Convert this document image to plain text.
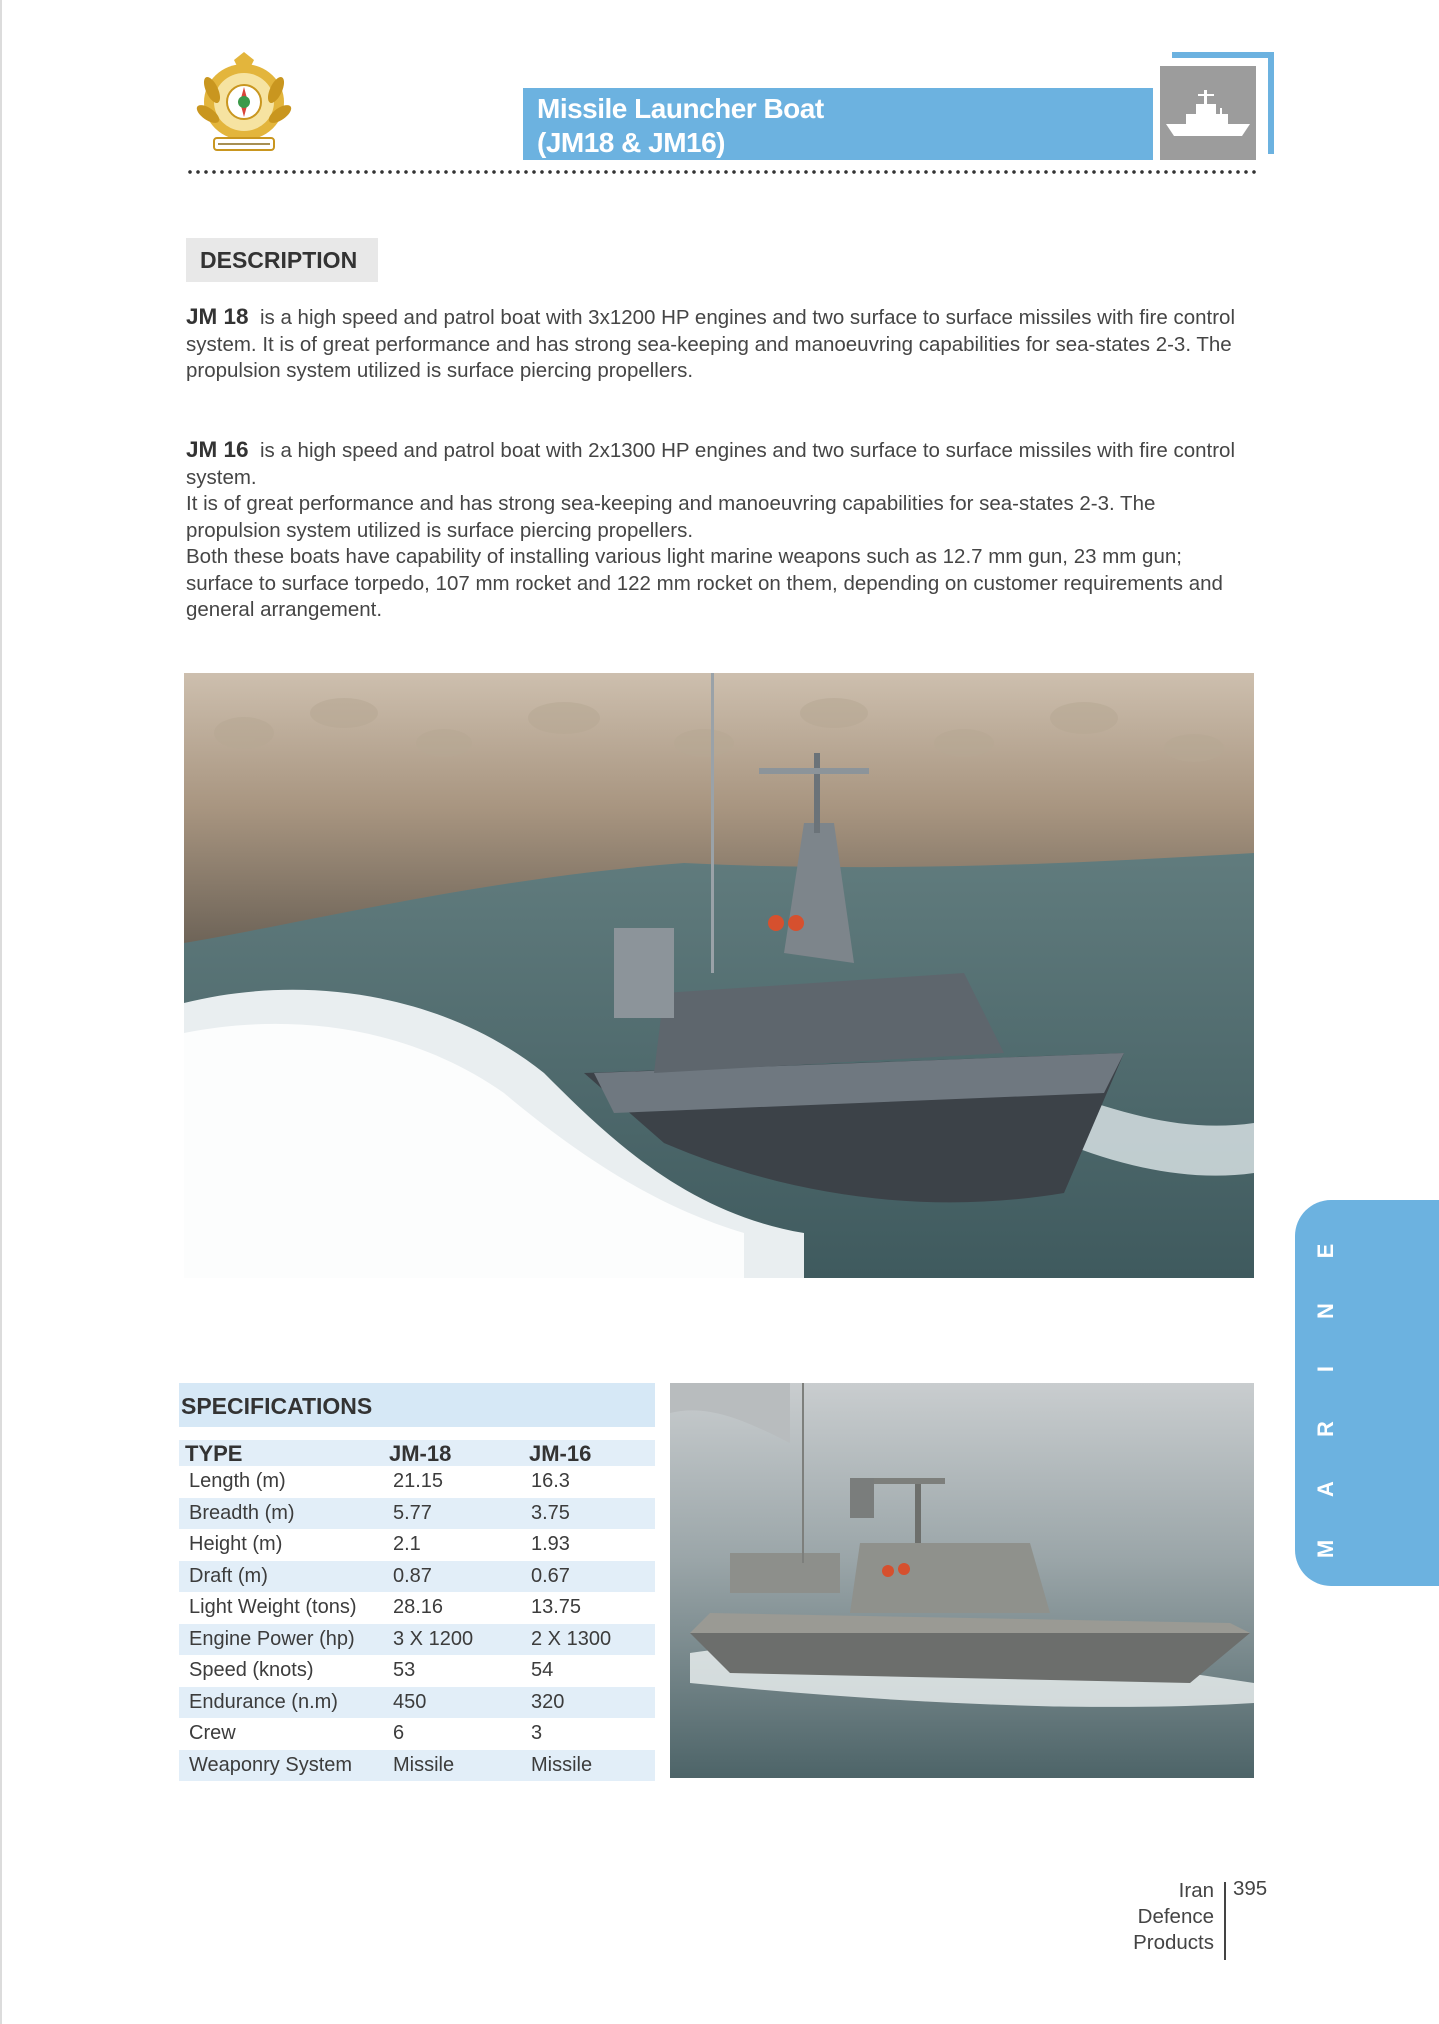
Missile Launcher Boat
(JM18 & JM16)
DESCRIPTION
JM 18 is a high speed and patrol boat with 3x1200 HP engines and two surface to surface missiles with fire control system. It is of great performance and has strong sea-keeping and manoeuvring capabilities for sea-states 2-3. The propulsion system utilized is surface piercing propellers.
JM 16 is a high speed and patrol boat with 2x1300 HP engines and two surface to surface missiles with fire control system.
It is of great performance and has strong sea-keeping and manoeuvring capabilities for sea-states 2-3. The propulsion system utilized is surface piercing propellers.
Both these boats have capability of installing various light marine weapons such as 12.7 mm gun, 23 mm gun; surface to surface torpedo, 107 mm rocket and 122 mm rocket on them, depending on customer requirements and general arrangement.
SPECIFICATIONS
TYPE	JM-18	JM-16
Length (m)	21.15	16.3
Breadth (m)	5.77	3.75
Height (m)	2.1	1.93
Draft (m)	0.87	0.67
Light Weight (tons) 28.16	13.75
Engine Power (hp) 3 X 1200	2 X 1300
Speed (knots)	53	54
Endurance (n.m)	450	320
Crew	6	3
Weaponry System Missile	Missile
M
A
R
I
N
E
Iran
Defence
Products
395
